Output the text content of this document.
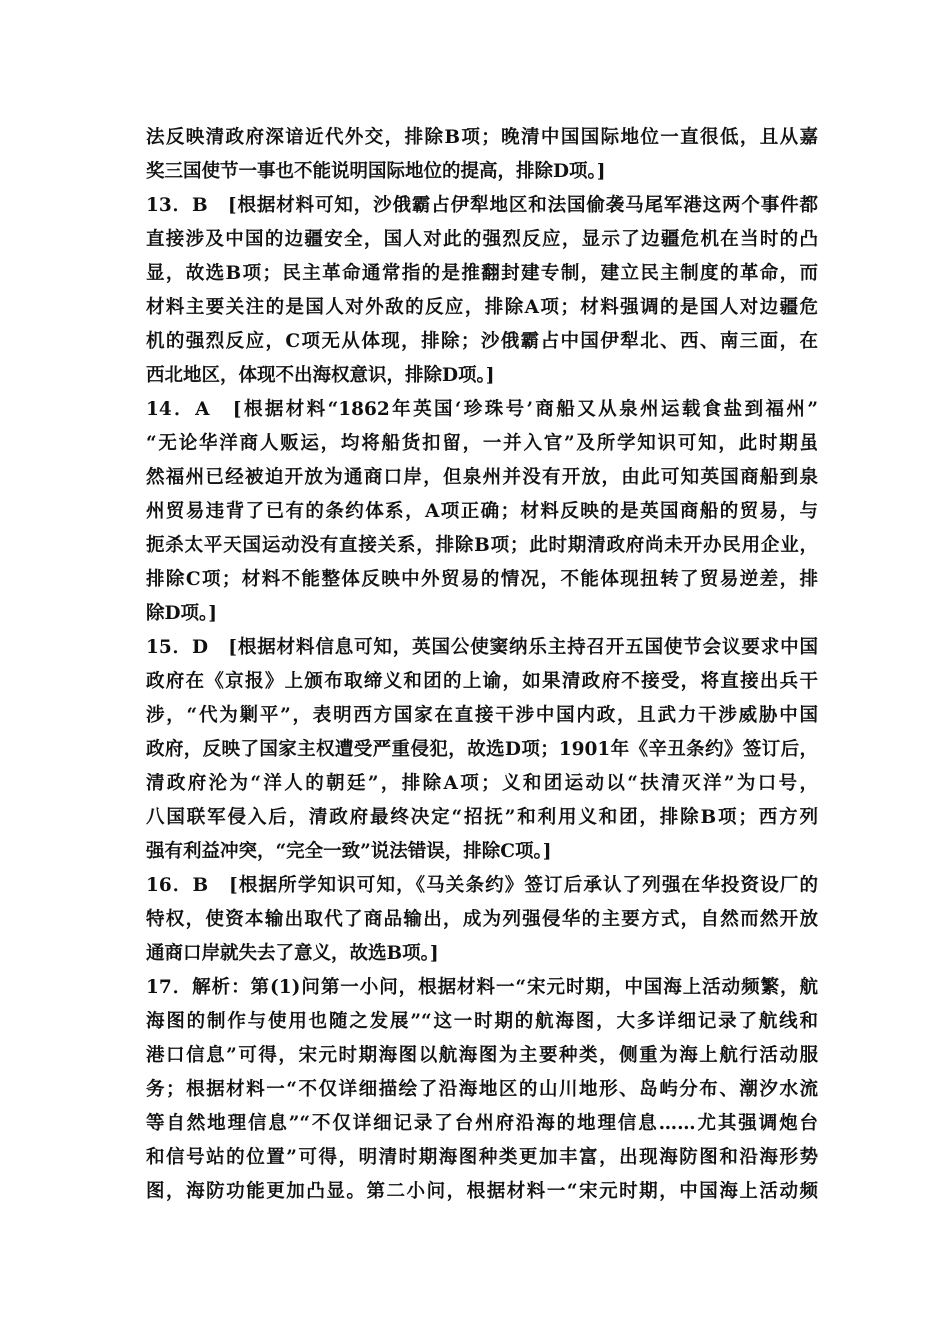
法反映清政府深谙近代外交，排除B项；晚清中国国际地位一直很低，且从嘉
奖三国使节一事也不能说明国际地位的提高，排除D项。]
13．B　[根据材料可知，沙俄霸占伊犁地区和法国偷袭马尾军港这两个事件都
直接涉及中国的边疆安全，国人对此的强烈反应，显示了边疆危机在当时的凸
显，故选B项；民主革命通常指的是推翻封建专制，建立民主制度的革命，而
材料主要关注的是国人对外敌的反应，排除A项；材料强调的是国人对边疆危
机的强烈反应，C项无从体现，排除；沙俄霸占中国伊犁北、西、南三面，在
西北地区，体现不出海权意识，排除D项。]
14．A　[根据材料“1862年英国‘珍珠号’商船又从泉州运载食盐到福州”
“无论华洋商人贩运，均将船货扣留，一并入官”及所学知识可知，此时期虽
然福州已经被迫开放为通商口岸，但泉州并没有开放，由此可知英国商船到泉
州贸易违背了已有的条约体系，A项正确；材料反映的是英国商船的贸易，与
扼杀太平天国运动没有直接关系，排除B项；此时期清政府尚未开办民用企业，
排除C项；材料不能整体反映中外贸易的情况，不能体现扭转了贸易逆差，排
除D项。]
15．D　[根据材料信息可知，英国公使窦纳乐主持召开五国使节会议要求中国
政府在《京报》上颁布取缔义和团的上谕，如果清政府不接受，将直接出兵干
涉，“代为剿平”，表明西方国家在直接干涉中国内政，且武力干涉威胁中国
政府，反映了国家主权遭受严重侵犯，故选D项；1901年《辛丑条约》签订后，
清政府沦为“洋人的朝廷”，排除A项；义和团运动以“扶清灭洋”为口号，
八国联军侵入后，清政府最终决定“招抚”和利用义和团，排除B项；西方列
强有利益冲突，“完全一致”说法错误，排除C项。]
16．B　[根据所学知识可知，《马关条约》签订后承认了列强在华投资设厂的
特权，使资本输出取代了商品输出，成为列强侵华的主要方式，自然而然开放
通商口岸就失去了意义，故选B项。]
17．解析：第(1)问第一小问，根据材料一“宋元时期，中国海上活动频繁，航
海图的制作与使用也随之发展”“这一时期的航海图，大多详细记录了航线和
港口信息”可得，宋元时期海图以航海图为主要种类，侧重为海上航行活动服
务；根据材料一“不仅详细描绘了沿海地区的山川地形、岛屿分布、潮汐水流
等自然地理信息”“不仅详细记录了台州府沿海的地理信息……尤其强调炮台
和信号站的位置”可得，明清时期海图种类更加丰富，出现海防图和沿海形势
图，海防功能更加凸显。第二小问，根据材料一“宋元时期，中国海上活动频
